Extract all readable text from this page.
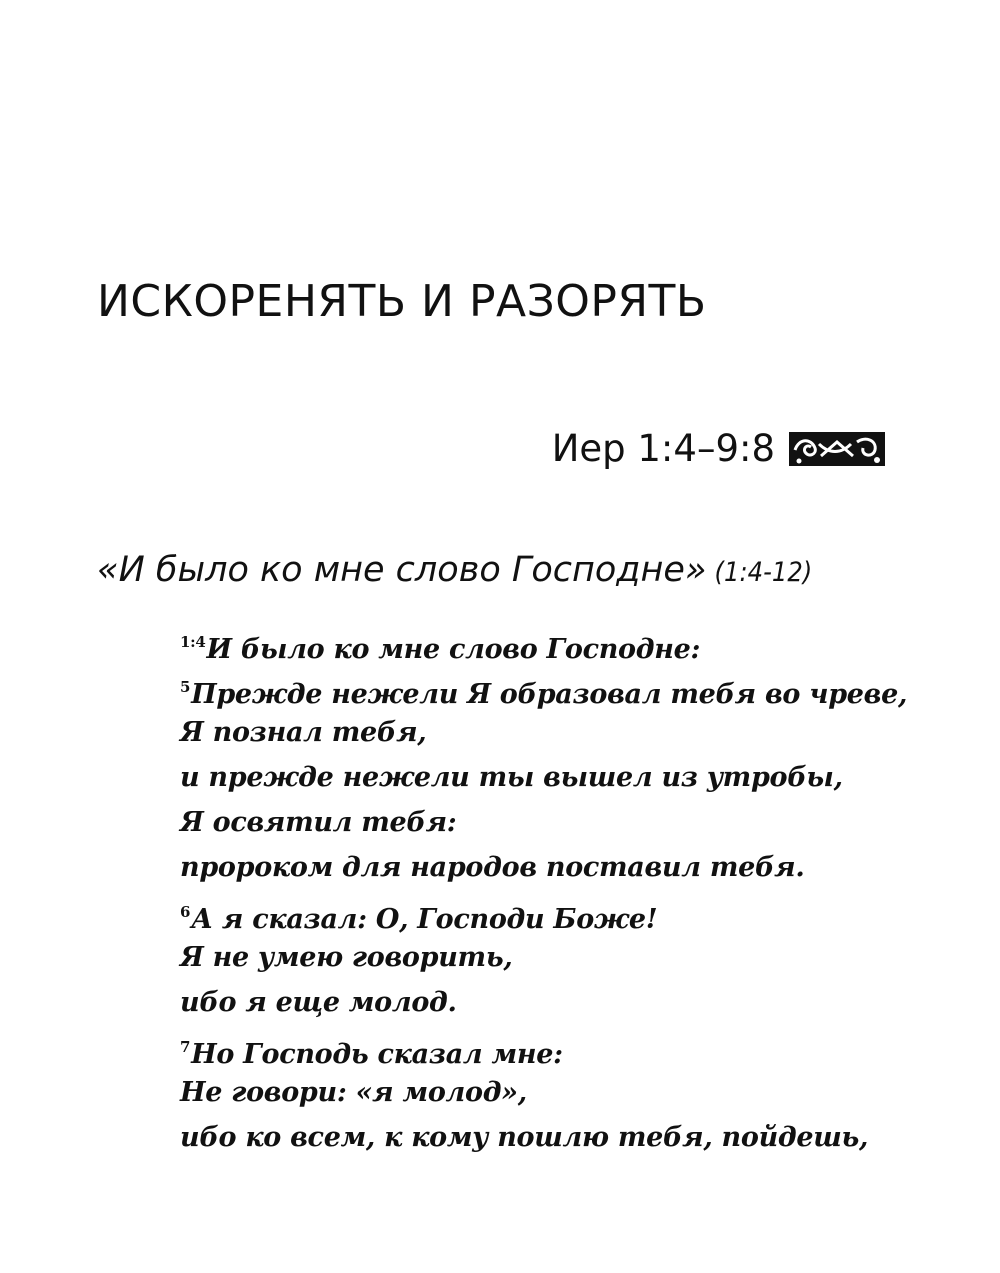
ИСКОРЕНЯТЬ И РАЗОРЯТЬ
Иер 1:4–9:8
«И было ко мне слово Господне» (1:4-12)
$^{1:4}$И было ко мне слово Господне:
$^5$Прежде нежели Я образовал тебя во чреве,
Я познал тебя,
и прежде нежели ты вышел из утробы,
Я освятил тебя:
пророком для народов поставил тебя.
$^6$А я сказал: О, Господи Боже!
Я не умею говорить,
ибо я еще молод.
$^7$Но Господь сказал мне:
Не говори: «я молод»,
ибо ко всем, к кому пошлю тебя, пойдешь,
